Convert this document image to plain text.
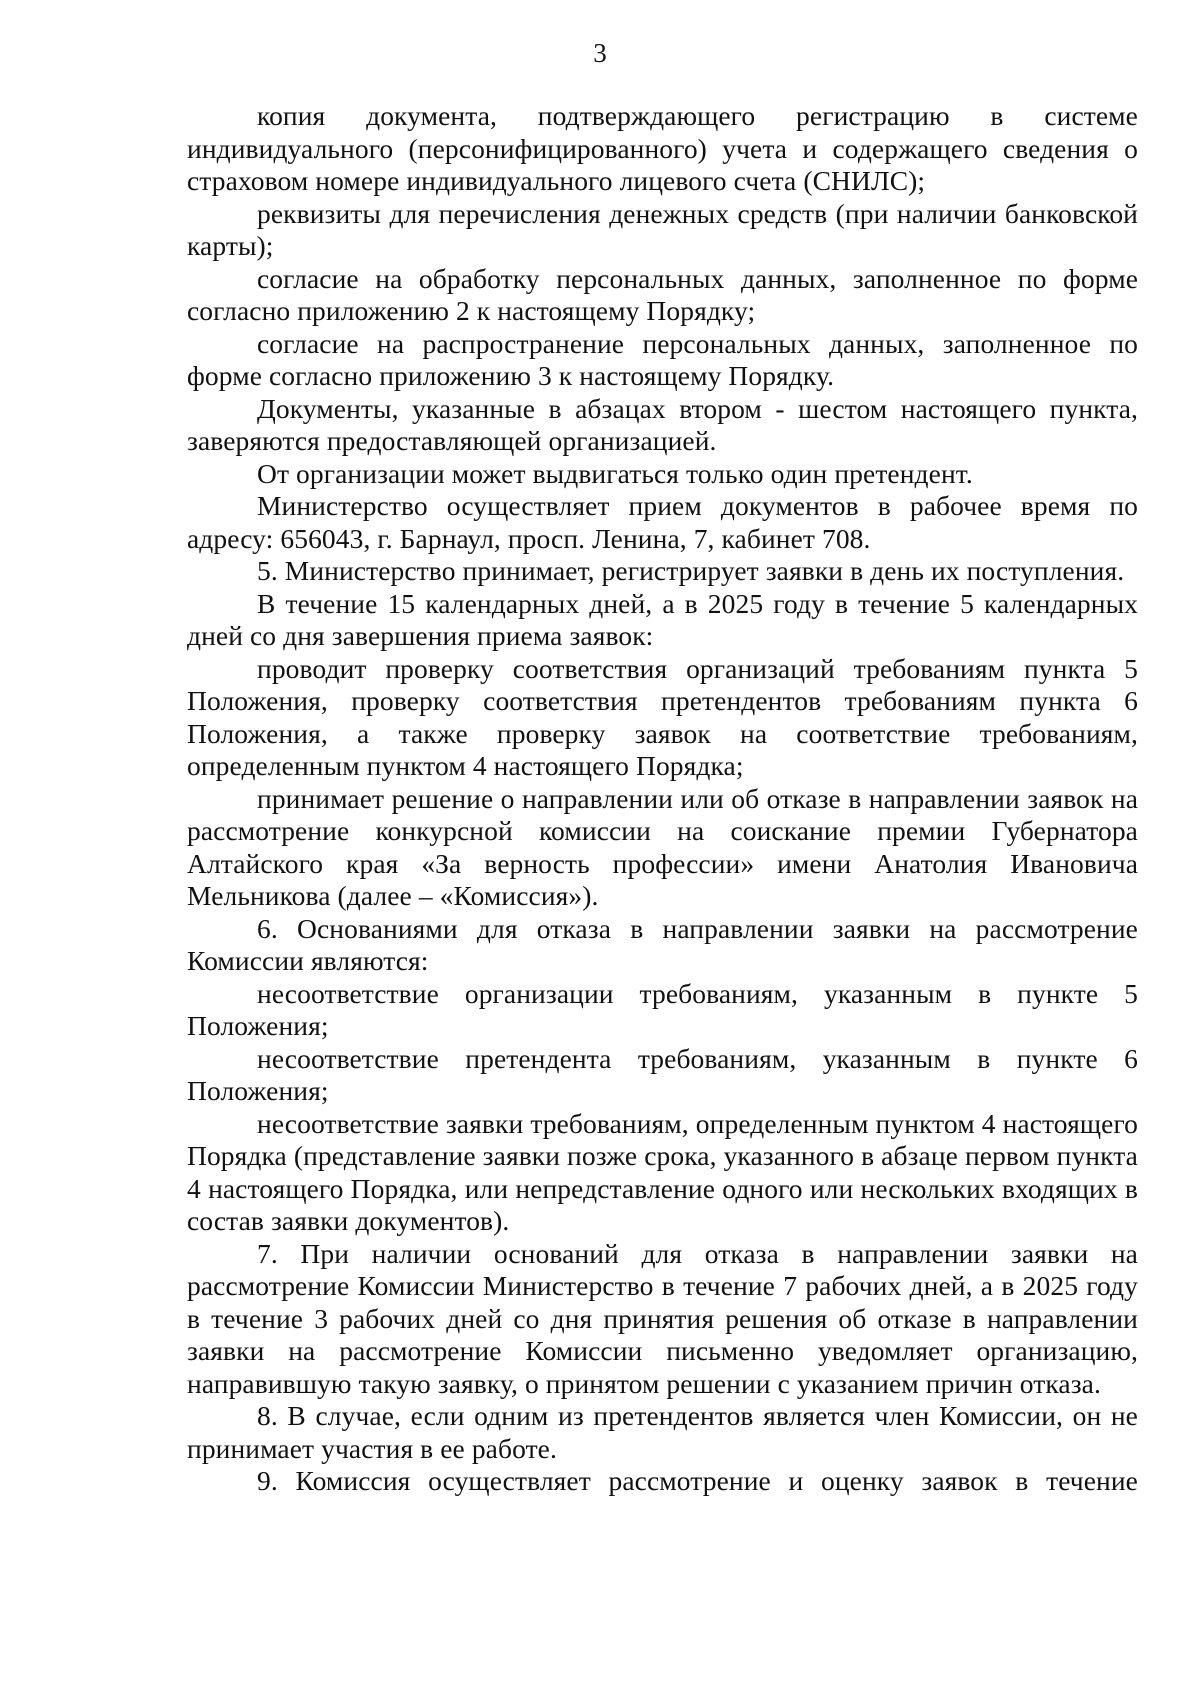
3

копия документа, подтверждающего регистрацию в системе индивидуального (персонифицированного) учета и содержащего сведения о страховом номере индивидуального лицевого счета (СНИЛС);

реквизиты для перечисления денежных средств (при наличии банковской карты);

согласие на обработку персональных данных, заполненное по форме согласно приложению 2 к настоящему Порядку;

согласие на распространение персональных данных, заполненное по форме согласно приложению 3 к настоящему Порядку.

Документы, указанные в абзацах втором - шестом настоящего пункта, заверяются предоставляющей организацией.

От организации может выдвигаться только один претендент.

Министерство осуществляет прием документов в рабочее время по адресу: 656043, г. Барнаул, просп. Ленина, 7, кабинет 708.

5. Министерство принимает, регистрирует заявки в день их поступления.

В течение 15 календарных дней, а в 2025 году в течение 5 календарных дней со дня завершения приема заявок:

проводит проверку соответствия организаций требованиям пункта 5 Положения, проверку соответствия претендентов требованиям пункта 6 Положения, а также проверку заявок на соответствие требованиям, определенным пунктом 4 настоящего Порядка;

принимает решение о направлении или об отказе в направлении заявок на рассмотрение конкурсной комиссии на соискание премии Губернатора Алтайского края «За верность профессии» имени Анатолия Ивановича Мельникова (далее – «Комиссия»).

6. Основаниями для отказа в направлении заявки на рассмотрение Комиссии являются:

несоответствие организации требованиям, указанным в пункте 5 Положения;

несоответствие претендента требованиям, указанным в пункте 6 Положения;

несоответствие заявки требованиям, определенным пунктом 4 настоящего Порядка (представление заявки позже срока, указанного в абзаце первом пункта 4 настоящего Порядка, или непредставление одного или нескольких входящих в состав заявки документов).

7. При наличии оснований для отказа в направлении заявки на рассмотрение Комиссии Министерство в течение 7 рабочих дней, а в 2025 году в течение 3 рабочих дней со дня принятия решения об отказе в направлении заявки на рассмотрение Комиссии письменно уведомляет организацию, направившую такую заявку, о принятом решении с указанием причин отказа.

8. В случае, если одним из претендентов является член Комиссии, он не принимает участия в ее работе.

9. Комиссия осуществляет рассмотрение и оценку заявок в течение
